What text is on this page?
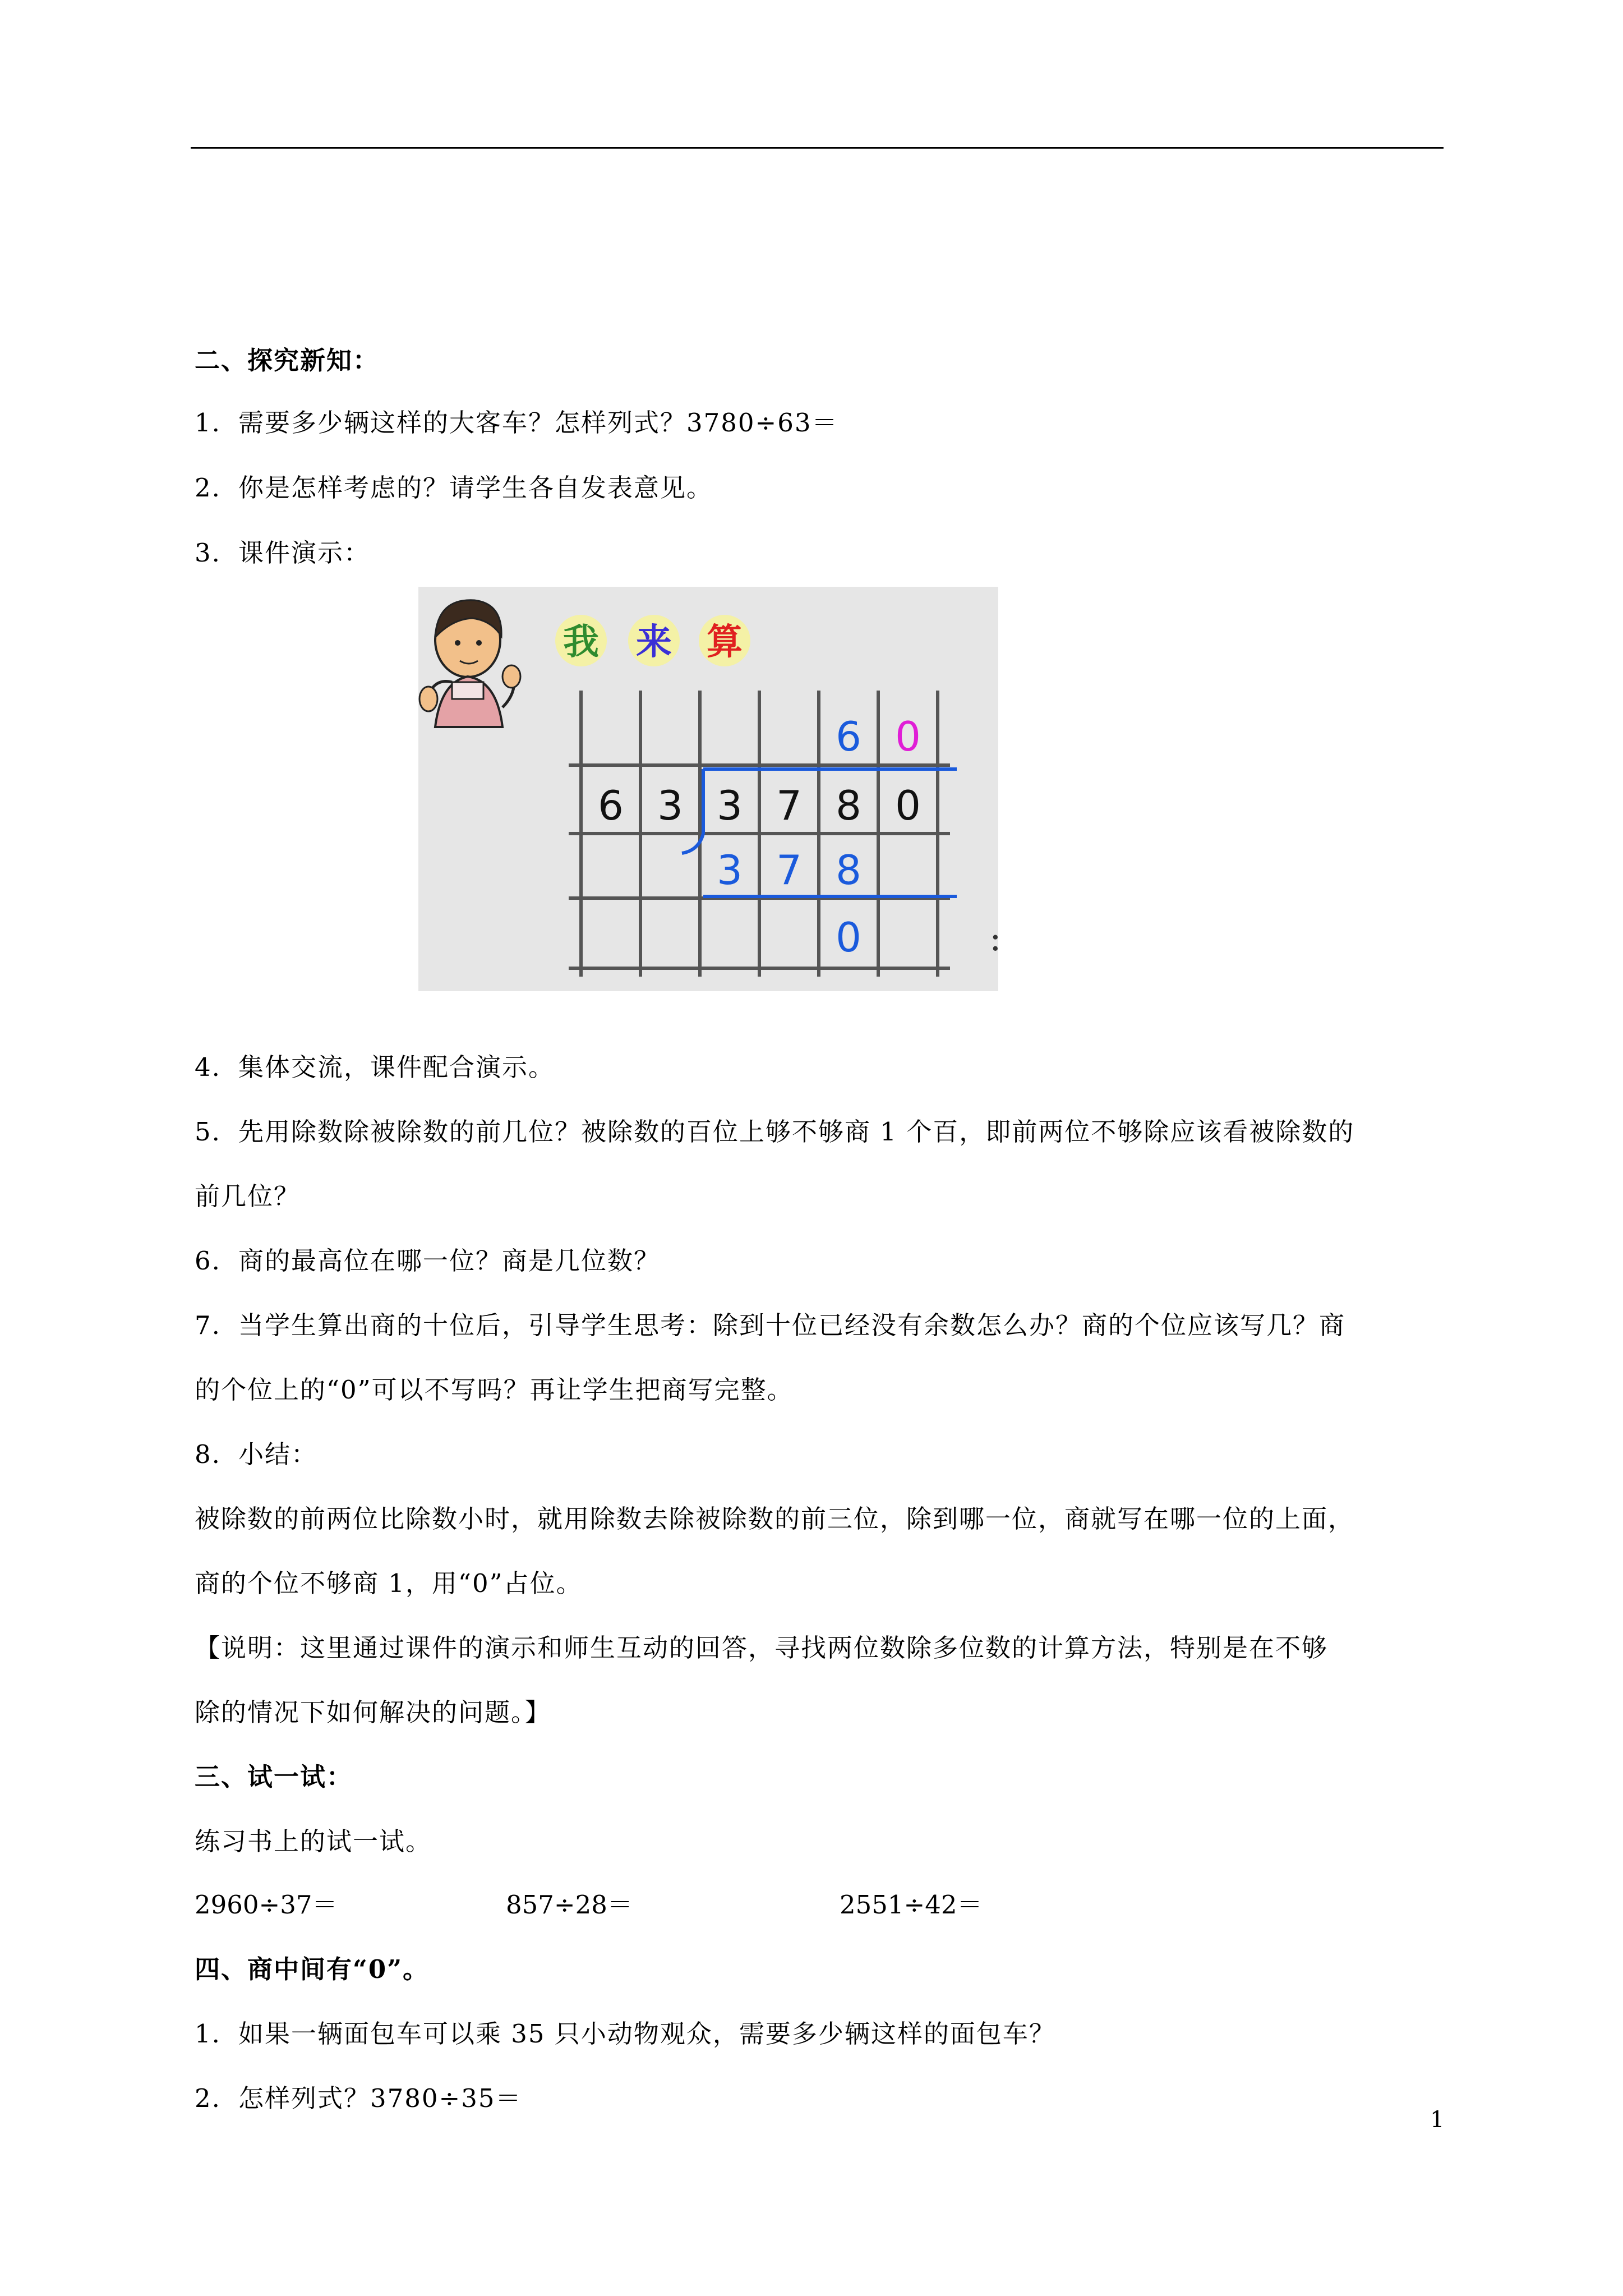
二、探究新知：

1. 需要多少辆这样的大客车？怎样列式？3780÷63＝

2. 你是怎样考虑的？请学生各自发表意见。

3. 课件演示：

我 来 算
:
6 0
6 3 3 7 8 0
3 7 8
0

4. 集体交流，课件配合演示。

5. 先用除数除被除数的前几位？被除数的百位上够不够商 1 个百，即前两位不够除应该看被除数的

前几位？

6. 商的最高位在哪一位？商是几位数？

7. 当学生算出商的十位后，引导学生思考：除到十位已经没有余数怎么办？商的个位应该写几？商

的个位上的“0”可以不写吗？再让学生把商写完整。

8. 小结：

被除数的前两位比除数小时，就用除数去除被除数的前三位，除到哪一位，商就写在哪一位的上面，

商的个位不够商 1，用“0”占位。

【说明：这里通过课件的演示和师生互动的回答，寻找两位数除多位数的计算方法，特别是在不够

除的情况下如何解决的问题。】

三、试一试：

练习书上的试一试。

2960÷37＝	857÷28＝	2551÷42＝

四、商中间有“0”。

1. 如果一辆面包车可以乘 35 只小动物观众，需要多少辆这样的面包车？

2. 怎样列式？3780÷35＝

1
